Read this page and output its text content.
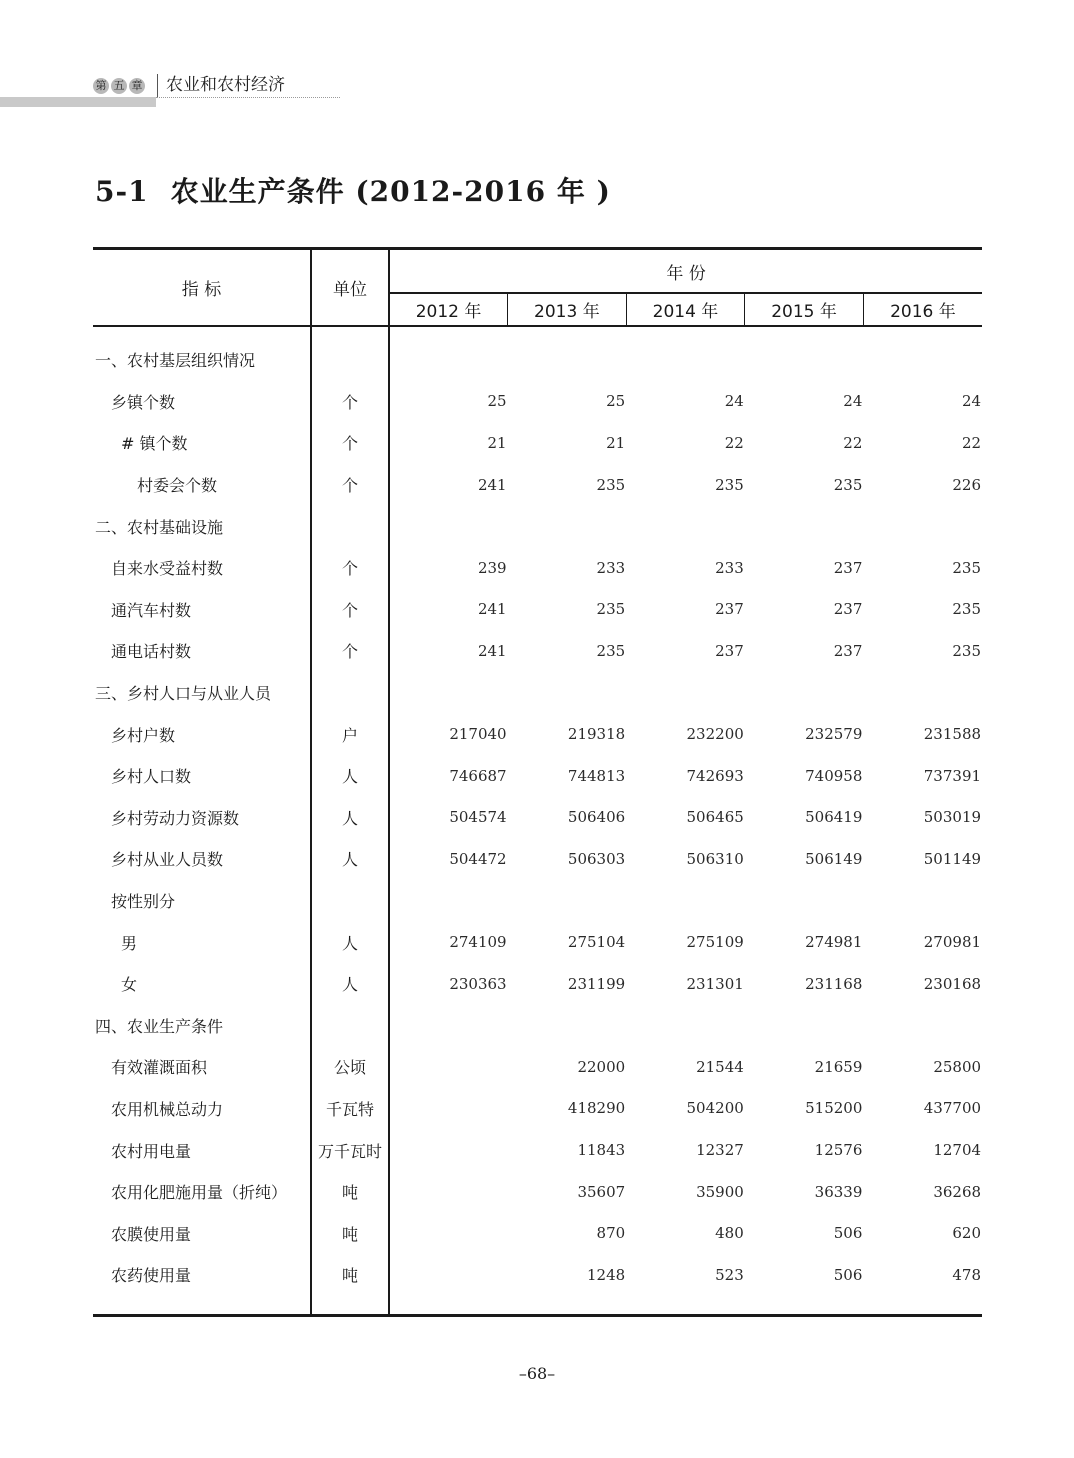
第 五 章 农业和农村经济
5-1 农业生产条件 (2012-2016 年 )
指 标	单位	年 份				
		2012 年	2013 年	2014 年	2015 年	2016 年

一、农村基层组织情况						
乡镇个数	个	25	25	24	24	24
# 镇个数	个	21	21	22	22	22
村委会个数	个	241	235	235	235	226
二、农村基础设施						
自来水受益村数	个	239	233	233	237	235
通汽车村数	个	241	235	237	237	235
通电话村数	个	241	235	237	237	235
三、乡村人口与从业人员						
乡村户数	户	217040	219318	232200	232579	231588
乡村人口数	人	746687	744813	742693	740958	737391
乡村劳动力资源数	人	504574	506406	506465	506419	503019
乡村从业人员数	人	504472	506303	506310	506149	501149
按性别分						
男	人	274109	275104	275109	274981	270981
女	人	230363	231199	231301	231168	230168
四、农业生产条件						
有效灌溉面积	公顷		22000	21544	21659	25800
农用机械总动力	千瓦特		418290	504200	515200	437700
农村用电量	万千瓦时		11843	12327	12576	12704
农用化肥施用量（折纯）	吨		35607	35900	36339	36268
农膜使用量	吨		870	480	506	620
农药使用量	吨		1248	523	506	478

–68–
